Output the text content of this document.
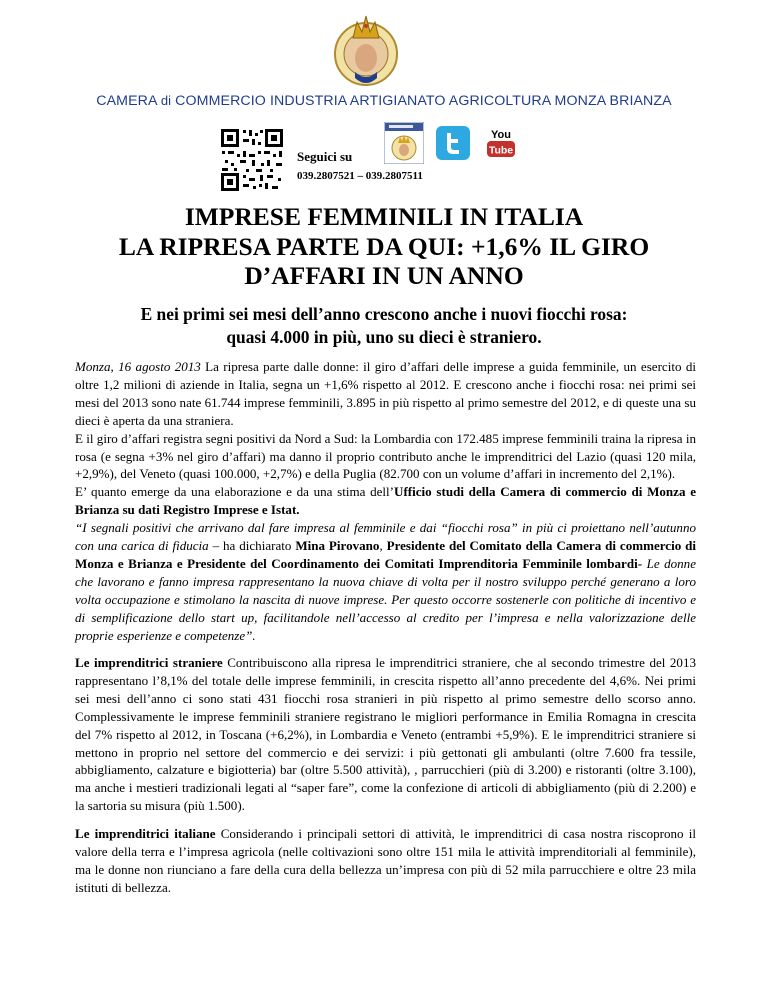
CAMERA di COMMERCIO INDUSTRIA ARTIGIANATO AGRICOLTURA MONZA BRIANZA
Seguici su
039.2807521 – 039.2807511
You
Tube
IMPRESE FEMMINILI IN ITALIA
LA RIPRESA PARTE DA QUI: +1,6% IL GIRO
D’AFFARI IN UN ANNO
E nei primi sei mesi dell’anno crescono anche i nuovi fiocchi rosa:
quasi 4.000 in più, uno su dieci è straniero.

Monza, 16 agosto 2013 La ripresa parte dalle donne: il giro d’affari delle imprese a guida femminile, un esercito di oltre 1,2 milioni di aziende in Italia, segna un +1,6% rispetto al 2012. E crescono anche i fiocchi rosa: nei primi sei mesi del 2013 sono nate 61.744 imprese femminili, 3.895 in più rispetto al primo semestre del 2012, e di queste una su dieci è aperta da una straniera.

E il giro d’affari registra segni positivi da Nord a Sud: la Lombardia con 172.485 imprese femminili traina la ripresa in rosa (e segna +3% nel giro d’affari) ma danno il proprio contributo anche le imprenditrici del Lazio (quasi 120 mila, +2,9%), del Veneto (quasi 100.000, +2,7%) e della Puglia (82.700 con un volume d’affari in incremento del 2,1%).

E’ quanto emerge da una elaborazione e da una stima dell’Ufficio studi della Camera di commercio di Monza e Brianza su dati Registro Imprese e Istat.

“I segnali positivi che arrivano dal fare impresa al femminile e dai “fiocchi rosa” in più ci proiettano nell’autunno con una carica di fiducia – ha dichiarato Mina Pirovano, Presidente del Comitato della Camera di commercio di Monza e Brianza e Presidente del Coordinamento dei Comitati Imprenditoria Femminile lombardi- Le donne che lavorano e fanno impresa rappresentano la nuova chiave di volta per il nostro sviluppo perché generano a loro volta occupazione e stimolano la nascita di nuove imprese. Per questo occorre sostenerle con politiche di incentivo e di semplificazione dello start up, facilitandole nell’accesso al credito per l’impresa e nella valorizzazione delle proprie esperienze e competenze”.

Le imprenditrici straniere Contribuiscono alla ripresa le imprenditrici straniere, che al secondo trimestre del 2013 rappresentano l’8,1% del totale delle imprese femminili, in crescita rispetto all’anno precedente del 4,6%. Nei primi sei mesi dell’anno ci sono stati 431 fiocchi rosa stranieri in più rispetto al primo semestre dello scorso anno. Complessivamente le imprese femminili straniere registrano le migliori performance in Emilia Romagna in crescita del 7% rispetto al 2012, in Toscana (+6,2%), in Lombardia e Veneto (entrambi +5,9%). E le imprenditrici straniere si mettono in proprio nel settore del commercio e dei servizi: i più gettonati gli ambulanti (oltre 7.600 fra tessile, abbigliamento, calzature e bigiotteria) bar (oltre 5.500 attività), , parrucchieri (più di 3.200) e ristoranti (oltre 3.100), ma anche i mestieri tradizionali legati al “saper fare”, come la confezione di articoli di abbigliamento (più di 2.200) e la sartoria su misura (più 1.500).

Le imprenditrici italiane Considerando i principali settori di attività, le imprenditrici di casa nostra riscoprono il valore della terra e l’impresa agricola (nelle coltivazioni sono oltre 151 mila le attività imprenditoriali al femminile), ma le donne non riunciano a fare della cura della bellezza un’impresa con più di 52 mila parrucchiere e oltre 23 mila istituti di bellezza.
